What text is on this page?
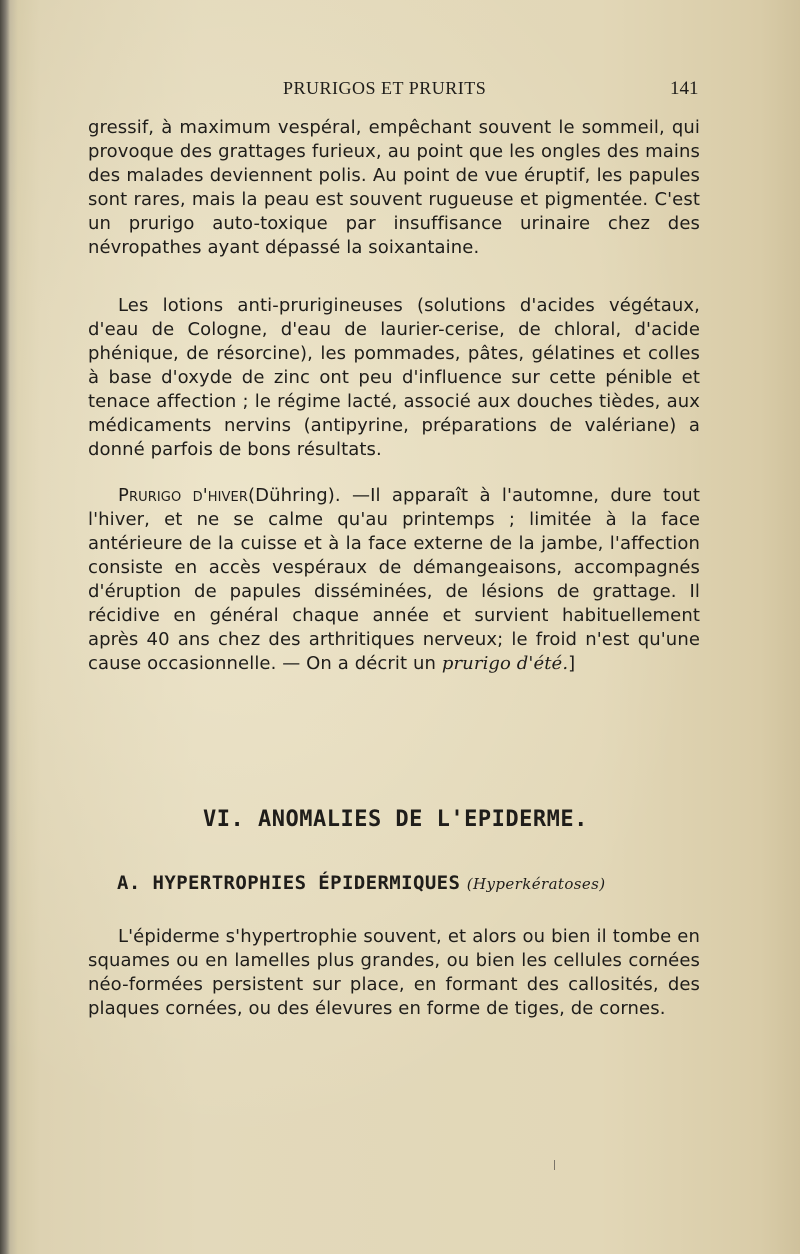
PRURIGOS ET PRURITS	141
gressif, à maximum vespéral, empêchant souvent le sommeil, qui provoque des grattages furieux, au point que les ongles des mains des malades deviennent polis. Au point de vue éruptif, les papules sont rares, mais la peau est souvent rugueuse et pigmentée. C'est un prurigo auto-toxique par insuffisance urinaire chez des névropathes ayant dépassé la soixantaine.
Les lotions anti-prurigineuses (solutions d'acides végétaux, d'eau de Cologne, d'eau de laurier-cerise, de chloral, d'acide phénique, de résorcine), les pommades, pâtes, gélatines et colles à base d'oxyde de zinc ont peu d'influence sur cette pénible et tenace affection ; le régime lacté, associé aux douches tièdes, aux médicaments nervins (antipyrine, préparations de valériane) a donné parfois de bons résultats.
Prurigo d'hiver(Dühring). —Il apparaît à l'automne, dure tout l'hiver, et ne se calme qu'au printemps ; limitée à la face antérieure de la cuisse et à la face externe de la jambe, l'affection consiste en accès vespéraux de démangeaisons, accompagnés d'éruption de papules disséminées, de lésions de grattage. Il récidive en général chaque année et survient habituellement après 40 ans chez des arthritiques nerveux; le froid n'est qu'une cause occasionnelle. — On a décrit un prurigo d'été.]
VI. ANOMALIES DE L'EPIDERME.
A. HYPERTROPHIES ÉPIDERMIQUES (Hyperkératoses)
L'épiderme s'hypertrophie souvent, et alors ou bien il tombe en squames ou en lamelles plus grandes, ou bien les cellules cornées néo-formées persistent sur place, en formant des callosités, des plaques cornées, ou des élevures en forme de tiges, de cornes.
